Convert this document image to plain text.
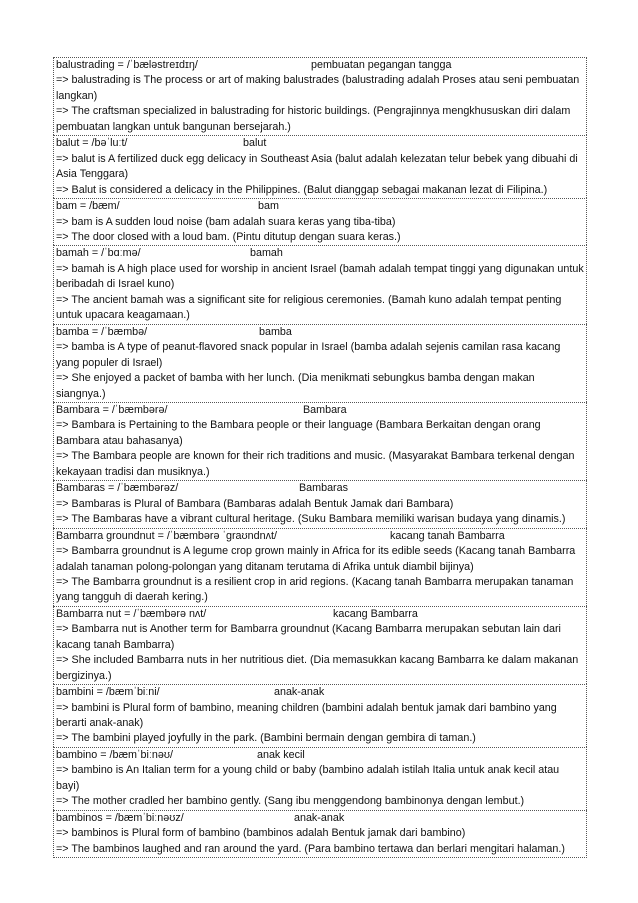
balustrading = /ˈbæləstreɪdɪŋ/	pembuatan pegangan tangga

=> balustrading is The process or art of making balustrades (balustrading adalah Proses atau seni pembuatan langkan)

=> The craftsman specialized in balustrading for historic buildings. (Pengrajinnya mengkhususkan diri dalam pembuatan langkan untuk bangunan bersejarah.)

balut = /bəˈluːt/	balut

=> balut is A fertilized duck egg delicacy in Southeast Asia (balut adalah kelezatan telur bebek yang dibuahi di Asia Tenggara)

=> Balut is considered a delicacy in the Philippines. (Balut dianggap sebagai makanan lezat di Filipina.)

bam = /bæm/	bam

=> bam is A sudden loud noise (bam adalah suara keras yang tiba-tiba)

=> The door closed with a loud bam. (Pintu ditutup dengan suara keras.)

bamah = /ˈbɑːmə/	bamah

=> bamah is A high place used for worship in ancient Israel (bamah adalah tempat tinggi yang digunakan untuk beribadah di Israel kuno)

=> The ancient bamah was a significant site for religious ceremonies. (Bamah kuno adalah tempat penting untuk upacara keagamaan.)

bamba = /ˈbæmbə/	bamba

=> bamba is A type of peanut-flavored snack popular in Israel (bamba adalah sejenis camilan rasa kacang yang populer di Israel)

=> She enjoyed a packet of bamba with her lunch. (Dia menikmati sebungkus bamba dengan makan siangnya.)

Bambara = /ˈbæmbərə/	Bambara

=> Bambara is Pertaining to the Bambara people or their language (Bambara Berkaitan dengan orang Bambara atau bahasanya)

=> The Bambara people are known for their rich traditions and music. (Masyarakat Bambara terkenal dengan kekayaan tradisi dan musiknya.)

Bambaras = /ˈbæmbərəz/	Bambaras

=> Bambaras is Plural of Bambara (Bambaras adalah Bentuk Jamak dari Bambara)

=> The Bambaras have a vibrant cultural heritage. (Suku Bambara memiliki warisan budaya yang dinamis.)

Bambarra groundnut = /ˈbæmbərə ˈɡraʊndnʌt/	kacang tanah Bambarra

=> Bambarra groundnut is A legume crop grown mainly in Africa for its edible seeds (Kacang tanah Bambarra adalah tanaman polong-polongan yang ditanam terutama di Afrika untuk diambil bijinya)

=> The Bambarra groundnut is a resilient crop in arid regions. (Kacang tanah Bambarra merupakan tanaman yang tangguh di daerah kering.)

Bambarra nut = /ˈbæmbərə nʌt/	kacang Bambarra

=> Bambarra nut is Another term for Bambarra groundnut (Kacang Bambarra merupakan sebutan lain dari kacang tanah Bambarra)

=> She included Bambarra nuts in her nutritious diet. (Dia memasukkan kacang Bambarra ke dalam makanan bergizinya.)

bambini = /bæmˈbiːni/	anak-anak

=> bambini is Plural form of bambino, meaning children (bambini adalah bentuk jamak dari bambino yang berarti anak-anak)

=> The bambini played joyfully in the park. (Bambini bermain dengan gembira di taman.)

bambino = /bæmˈbiːnəʊ/	anak kecil

=> bambino is An Italian term for a young child or baby (bambino adalah istilah Italia untuk anak kecil atau bayi)

=> The mother cradled her bambino gently. (Sang ibu menggendong bambinonya dengan lembut.)

bambinos = /bæmˈbiːnəʊz/	anak-anak

=> bambinos is Plural form of bambino (bambinos adalah Bentuk jamak dari bambino)

=> The bambinos laughed and ran around the yard. (Para bambino tertawa dan berlari mengitari halaman.)
